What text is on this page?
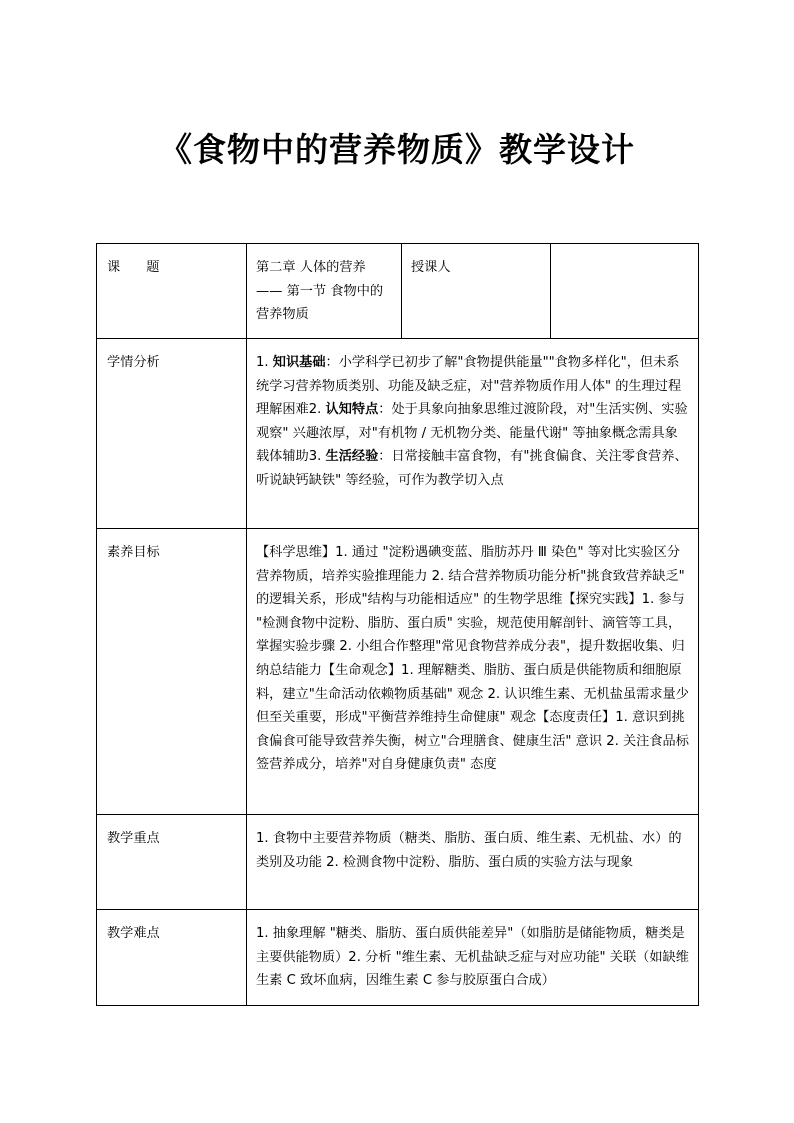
《食物中的营养物质》教学设计
课 题	第二章 人体的营养 —— 第一节 食物中的营养物质	授课人	
学情分析	1. 知识基础：小学科学已初步了解"食物提供能量""食物多样化"，但未系统学习营养物质类别、功能及缺乏症，对"营养物质作用人体" 的生理过程理解困难2. 认知特点：处于具象向抽象思维过渡阶段，对"生活实例、实验观察" 兴趣浓厚，对"有机物 / 无机物分类、能量代谢" 等抽象概念需具象载体辅助3. 生活经验：日常接触丰富食物，有"挑食偏食、关注零食营养、听说缺钙缺铁" 等经验，可作为教学切入点		
素养目标	【科学思维】1. 通过 "淀粉遇碘变蓝、脂肪苏丹 Ⅲ 染色" 等对比实验区分营养物质，培养实验推理能力 2. 结合营养物质功能分析"挑食致营养缺乏" 的逻辑关系，形成"结构与功能相适应" 的生物学思维【探究实践】1. 参与 "检测食物中淀粉、脂肪、蛋白质" 实验，规范使用解剖针、滴管等工具，掌握实验步骤 2. 小组合作整理"常见食物营养成分表"，提升数据收集、归纳总结能力【生命观念】1. 理解糖类、脂肪、蛋白质是供能物质和细胞原料，建立"生命活动依赖物质基础" 观念 2. 认识维生素、无机盐虽需求量少但至关重要，形成"平衡营养维持生命健康" 观念【态度责任】1. 意识到挑食偏食可能导致营养失衡，树立"合理膳食、健康生活" 意识 2. 关注食品标签营养成分，培养"对自身健康负责" 态度		
教学重点	1. 食物中主要营养物质（糖类、脂肪、蛋白质、维生素、无机盐、水）的类别及功能 2. 检测食物中淀粉、脂肪、蛋白质的实验方法与现象		
教学难点	1. 抽象理解 "糖类、脂肪、蛋白质供能差异"（如脂肪是储能物质，糖类是主要供能物质）2. 分析 "维生素、无机盐缺乏症与对应功能" 关联（如缺维生素 C 致坏血病，因维生素 C 参与胶原蛋白合成）		
